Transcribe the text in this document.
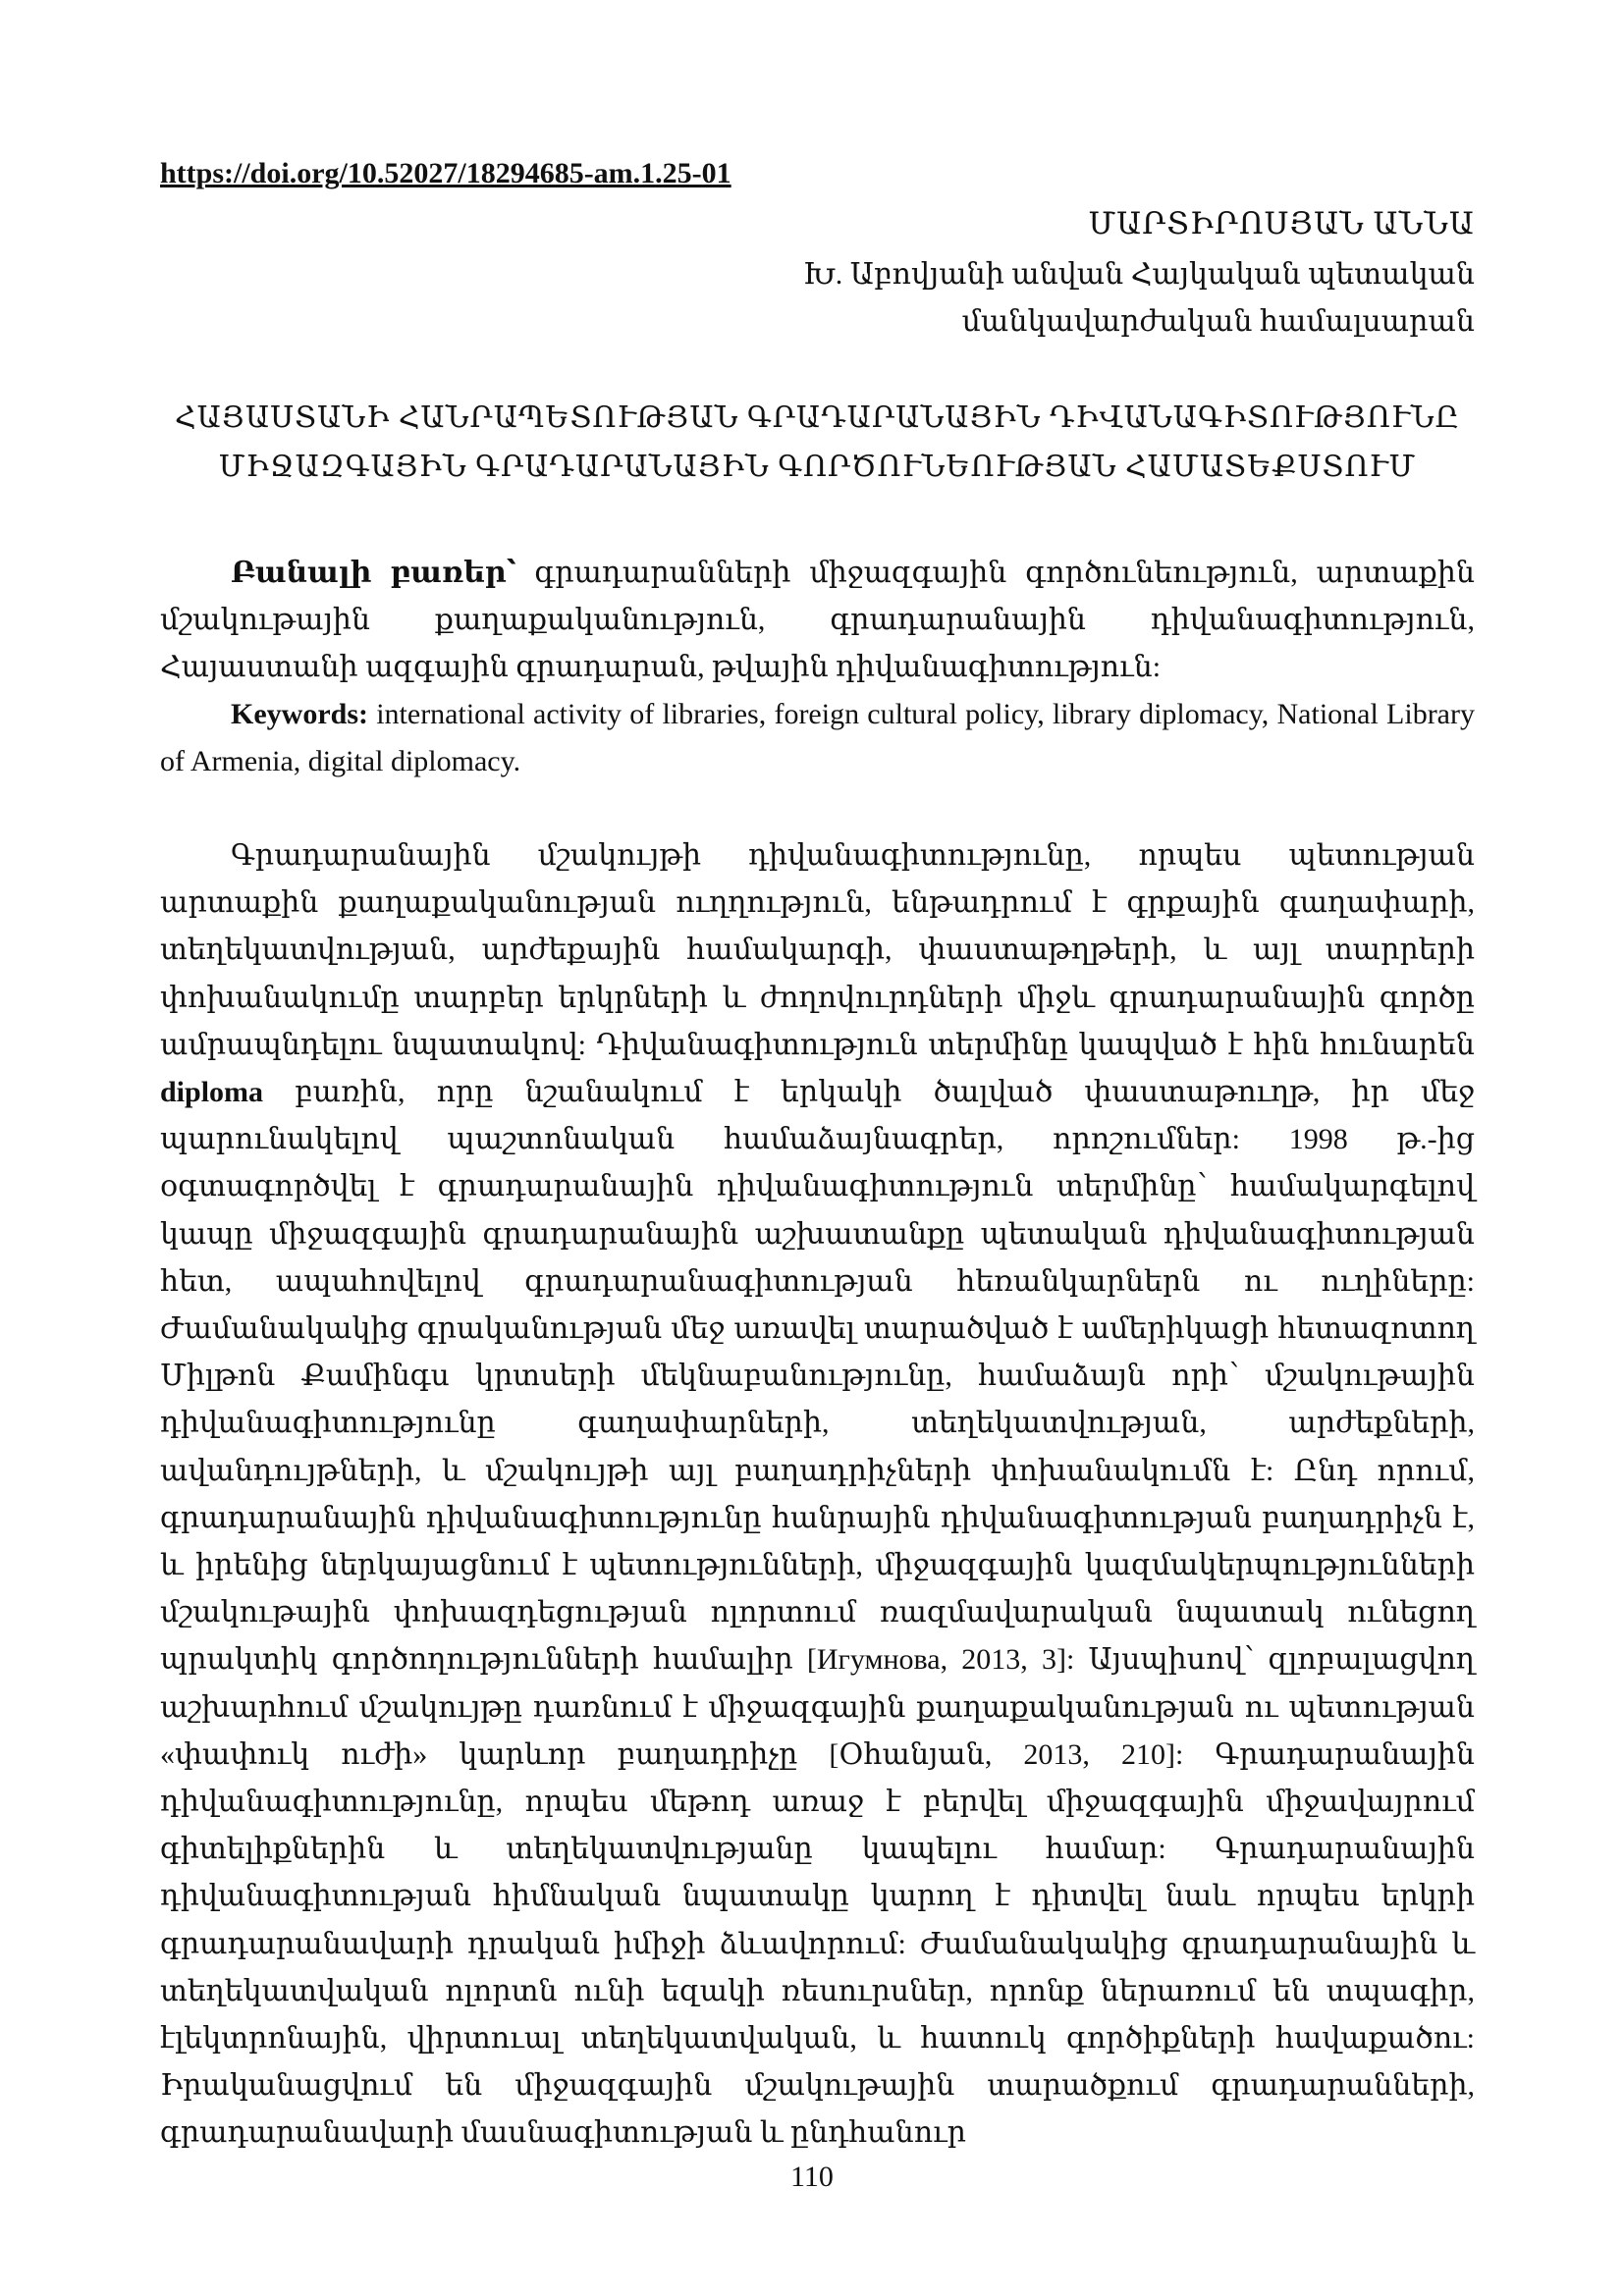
https://doi.org/10.52027/18294685-am.1.25-01
ՄԱՐՏԻՐՈՍՅԱՆ ԱՆՆԱ
Խ. Աբովյանի անվան Հայկական պետական
մանկավարժական համալսարան
ՀԱՅԱՍՏԱՆԻ ՀԱՆՐԱՊԵՏՈՒԹՅԱՆ ԳՐԱԴԱՐԱՆԱՅԻՆ ԴԻՎԱՆԱԳԻՏՈՒԹՅՈՒՆԸ
ՄԻՋԱԶԳԱՅԻՆ ԳՐԱԴԱՐԱՆԱՅԻՆ ԳՈՐԾՈՒՆԵՈՒԹՅԱՆ ՀԱՄԱՏԵՔՍՏՈՒՄ

Բանալի բառեր՝ գրադարանների միջազգային գործունեություն, արտաքին մշակութային քաղաքականություն, գրադարանային դիվանագիտություն, Հայաստանի ազգային գրադարան, թվային դիվանագիտություն:

Keywords: international activity of libraries, foreign cultural policy, library diplomacy, National Library of Armenia, digital diplomacy.

Գրադարանային մշակույթի դիվանագիտությունը, որպես պետության արտաքին քաղաքականության ուղղություն, ենթադրում է գրքային գաղափարի, տեղեկատվության, արժեքային համակարգի, փաստաթղթերի, և այլ տարրերի փոխանակումը տարբեր երկրների և ժողովուրդների միջև գրադարանային գործը ամրապնդելու նպատակով: Դիվանագիտություն տերմինը կապված է հին հունարեն diploma բառին, որը նշանակում է երկակի ծալված փաստաթուղթ, իր մեջ պարունակելով պաշտոնական համաձայնագրեր, որոշումներ: 1998 թ.-ից օգտագործվել է գրադարանային դիվանագիտություն տերմինը՝ համակարգելով կապը միջազգային գրադարանային աշխատանքը պետական դիվանագիտության հետ, ապահովելով գրադարանագիտության հեռանկարներն ու ուղիները: Ժամանակակից գրականության մեջ առավել տարածված է ամերիկացի հետազոտող Միլթոն Քամինգս կրտսերի մեկնաբանությունը, համաձայն որի՝ մշակութային դիվանագիտությունը գաղափարների, տեղեկատվության, արժեքների, ավանդույթների, և մշակույթի այլ բաղադրիչների փոխանակումն է: Ընդ որում, գրադարանային դիվանագիտությունը հանրային դիվանագիտության բաղադրիչն է, և իրենից ներկայացնում է պետությունների, միջազգային կազմակերպությունների մշակութային փոխազդեցության ոլորտում ռազմավարական նպատակ ունեցող պրակտիկ գործողությունների համալիր [Игумнова, 2013, 3]: Այսպիսով՝ զլոբալացվող աշխարհում մշակույթը դառնում է միջազգային քաղաքականության ու պետության «փափուկ ուժի» կարևոր բաղադրիչը [Օհանյան, 2013, 210]: Գրադարանային դիվանագիտությունը, որպես մեթոդ առաջ է բերվել միջազգային միջավայրում գիտելիքներին և տեղեկատվությանը կապելու համար: Գրադարանային դիվանագիտության հիմնական նպատակը կարող է դիտվել նաև որպես երկրի գրադարանավարի դրական իմիջի ձևավորում: Ժամանակակից գրադարանային և տեղեկատվական ոլորտն ունի եզակի ռեսուրսներ, որոնք ներառում են տպագիր, էլեկտրոնային, վիրտուալ տեղեկատվական, և հատուկ գործիքների հավաքածու: Իրականացվում են միջազգային մշակութային տարածքում գրադարանների, գրադարանավարի մասնագիտության և ընդհանուր

110
